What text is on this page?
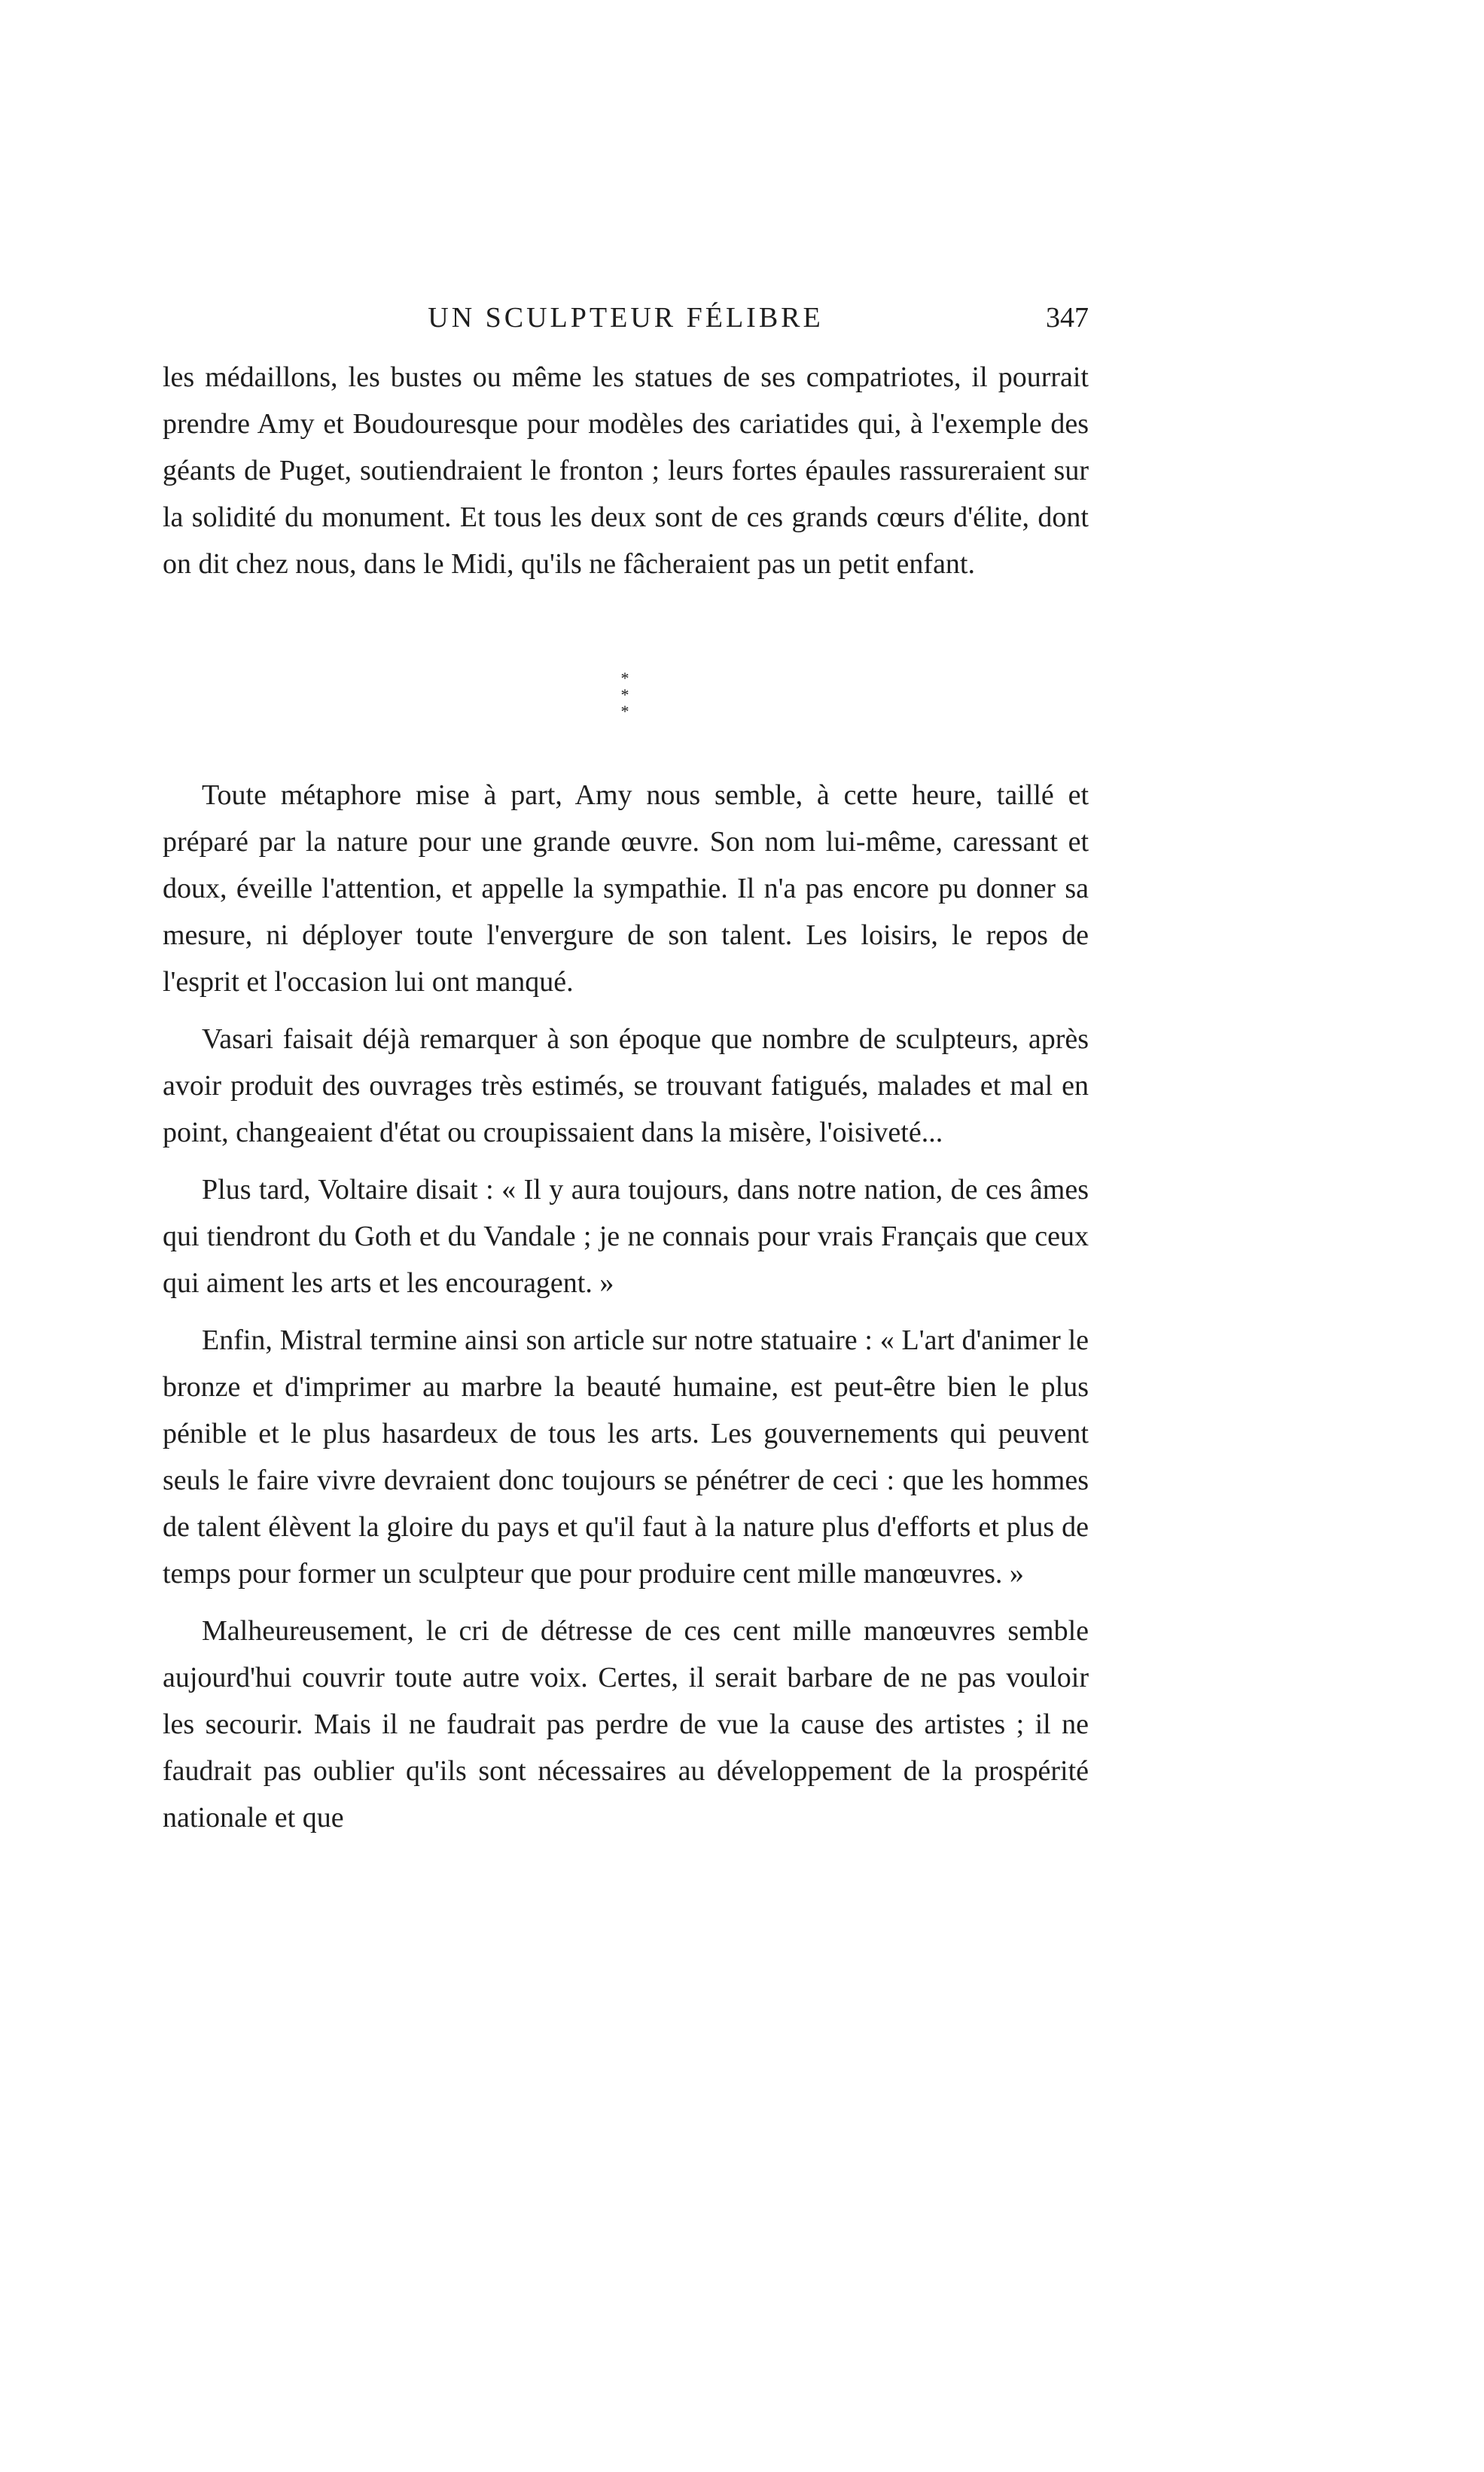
UN SCULPTEUR FÉLIBRE	347

les médaillons, les bustes ou même les statues de ses compatriotes, il pourrait prendre Amy et Boudouresque pour modèles des cariatides qui, à l'exemple des géants de Puget, soutiendraient le fronton ; leurs fortes épaules rassureraient sur la solidité du monument. Et tous les deux sont de ces grands cœurs d'élite, dont on dit chez nous, dans le Midi, qu'ils ne fâcheraient pas un petit enfant.

*
* *

Toute métaphore mise à part, Amy nous semble, à cette heure, taillé et préparé par la nature pour une grande œuvre. Son nom lui-même, caressant et doux, éveille l'attention, et appelle la sympathie. Il n'a pas encore pu donner sa mesure, ni déployer toute l'envergure de son talent. Les loisirs, le repos de l'esprit et l'occasion lui ont manqué.

Vasari faisait déjà remarquer à son époque que nombre de sculpteurs, après avoir produit des ouvrages très estimés, se trouvant fatigués, malades et mal en point, changeaient d'état ou croupissaient dans la misère, l'oisiveté...

Plus tard, Voltaire disait : « Il y aura toujours, dans notre nation, de ces âmes qui tiendront du Goth et du Vandale ; je ne connais pour vrais Français que ceux qui aiment les arts et les encouragent. »

Enfin, Mistral termine ainsi son article sur notre statuaire : « L'art d'animer le bronze et d'imprimer au marbre la beauté humaine, est peut-être bien le plus pénible et le plus hasardeux de tous les arts. Les gouvernements qui peuvent seuls le faire vivre devraient donc toujours se pénétrer de ceci : que les hommes de talent élèvent la gloire du pays et qu'il faut à la nature plus d'efforts et plus de temps pour former un sculpteur que pour produire cent mille manœuvres. »

Malheureusement, le cri de détresse de ces cent mille manœuvres semble aujourd'hui couvrir toute autre voix. Certes, il serait barbare de ne pas vouloir les secourir. Mais il ne faudrait pas perdre de vue la cause des artistes ; il ne faudrait pas oublier qu'ils sont nécessaires au développement de la prospérité nationale et que
